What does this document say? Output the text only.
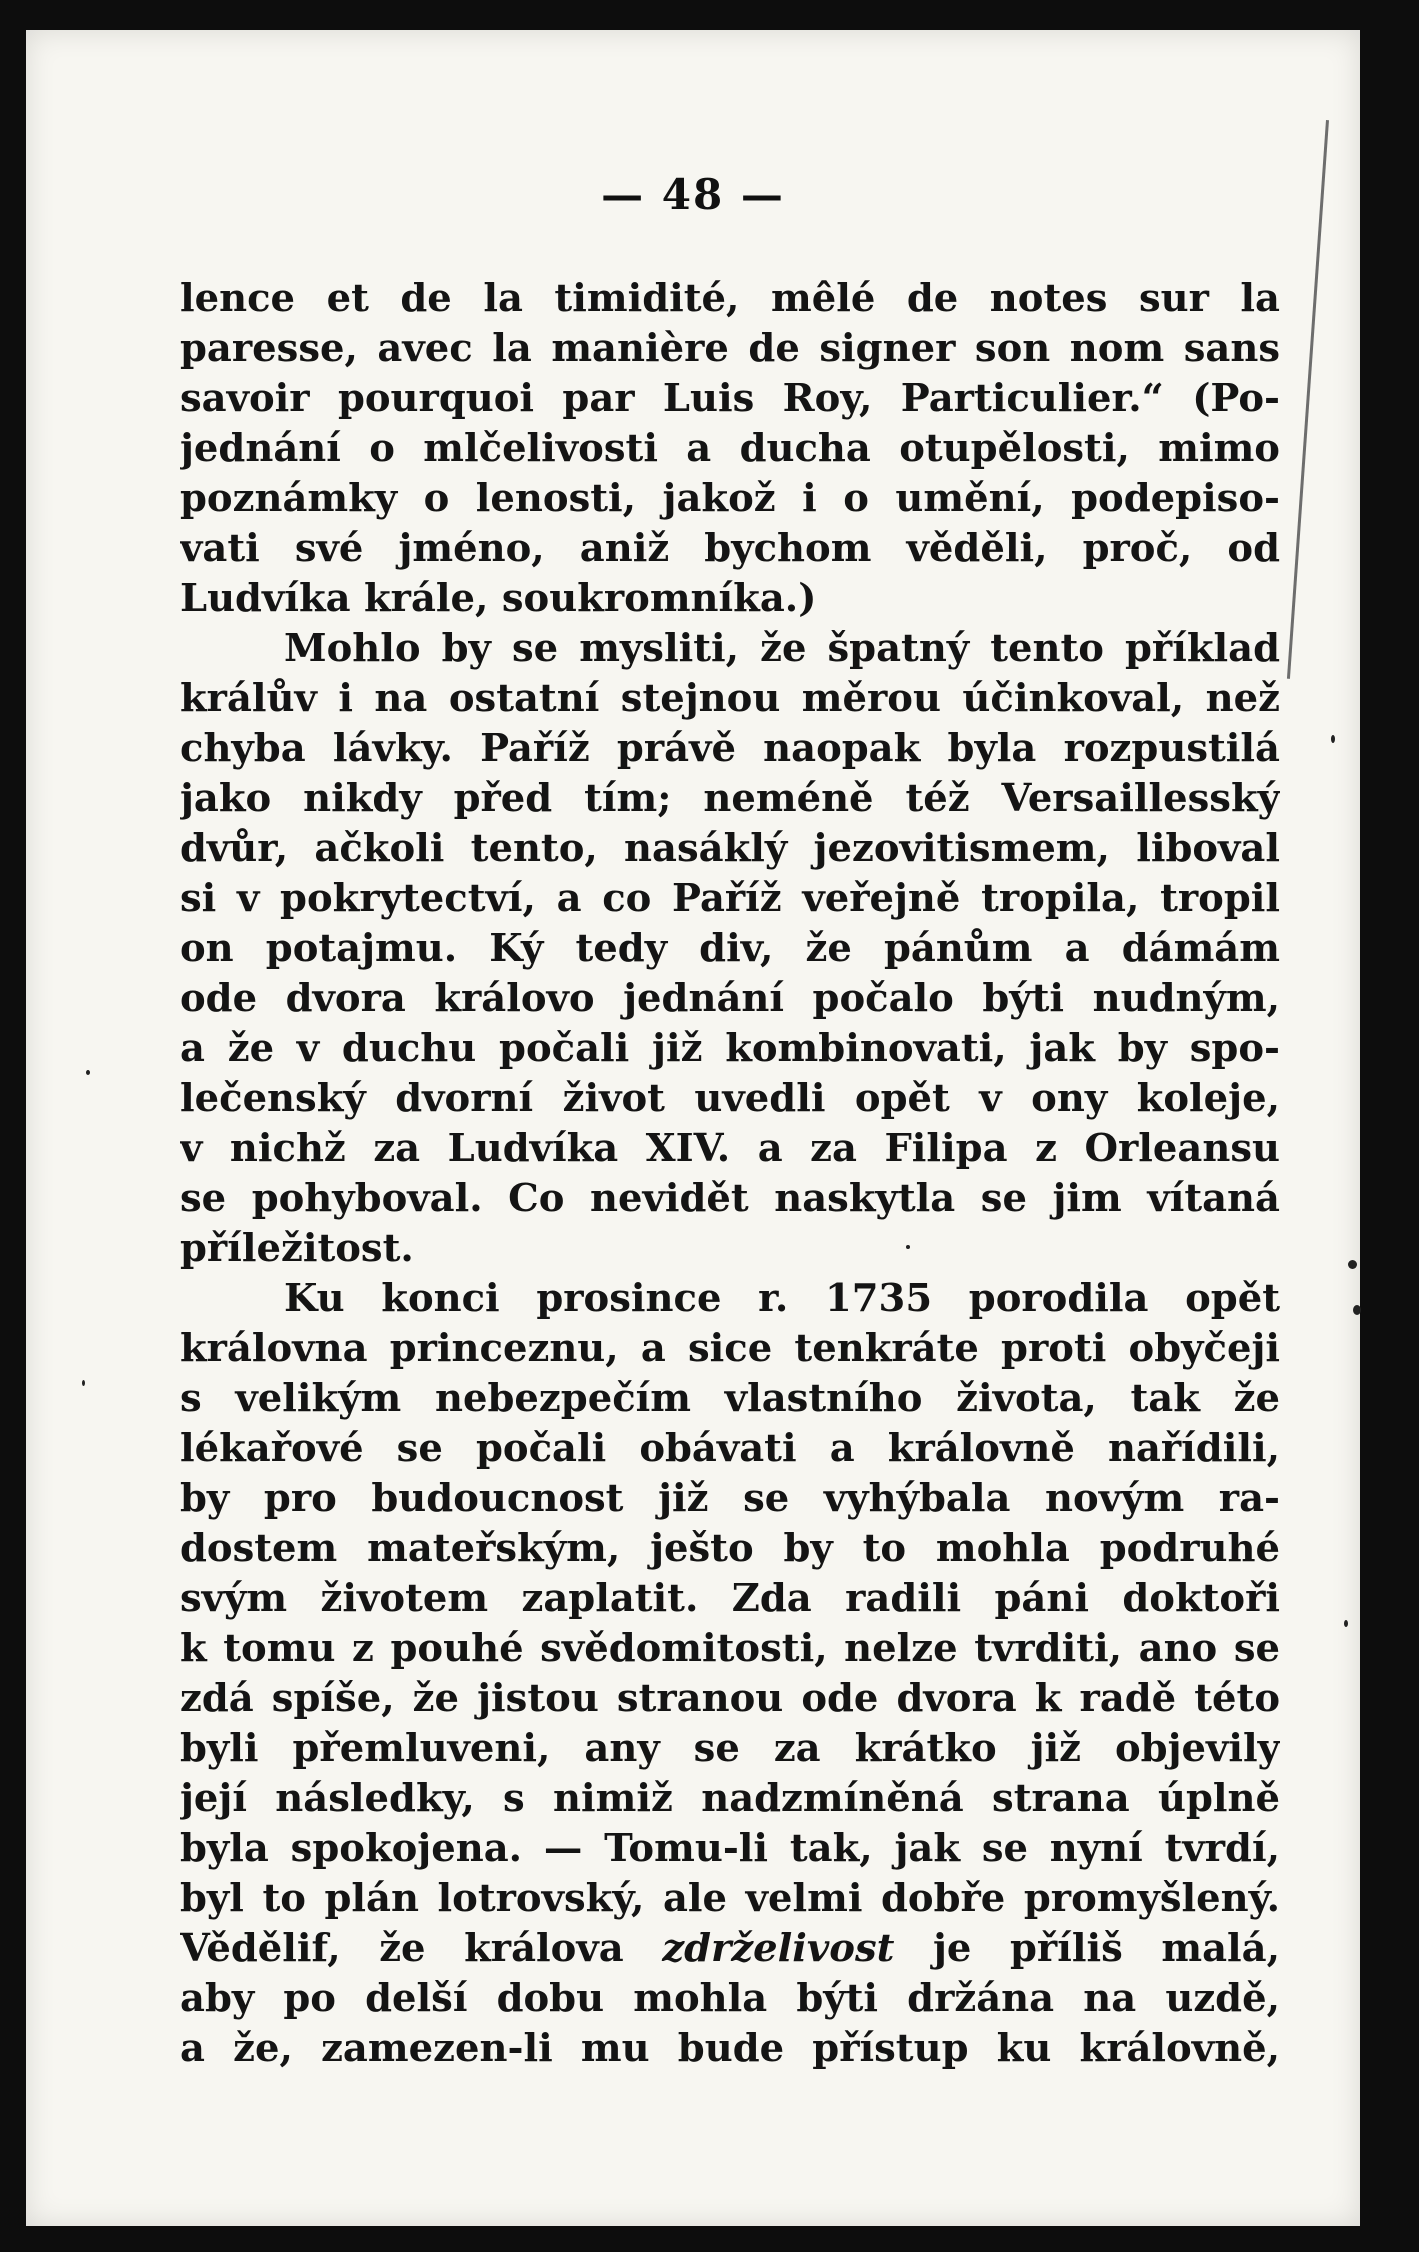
— 48 —
lence et de la timidité, mêlé de notes sur la
paresse, avec la manière de signer son nom sans
savoir pourquoi par Luis Roy, Particulier.“ (Po-
jednání o mlčelivosti a ducha otupělosti, mimo
poznámky o lenosti, jakož i o umění, podepiso-
vati své jméno, aniž bychom věděli, proč, od
Ludvíka krále, soukromníka.)
Mohlo by se mysliti, že špatný tento příklad
králův i na ostatní stejnou měrou účinkoval, než
chyba lávky. Paříž právě naopak byla rozpustilá
jako nikdy před tím; neméně též Versaillesský
dvůr, ačkoli tento, nasáklý jezovitismem, liboval
si v pokrytectví, a co Paříž veřejně tropila, tropil
on potajmu. Ký tedy div, že pánům a dámám
ode dvora královo jednání počalo býti nudným,
a že v duchu počali již kombinovati, jak by spo-
lečenský dvorní život uvedli opět v ony koleje,
v nichž za Ludvíka XIV. a za Filipa z Orleansu
se pohyboval. Co nevidět naskytla se jim vítaná
příležitost.
Ku konci prosince r. 1735 porodila opět
královna princeznu, a sice tenkráte proti obyčeji
s velikým nebezpečím vlastního života, tak že
lékařové se počali obávati a královně nařídili,
by pro budoucnost již se vyhýbala novým ra-
dostem mateřským, ješto by to mohla podruhé
svým životem zaplatit. Zda radili páni doktoři
k tomu z pouhé svědomitosti, nelze tvrditi, ano se
zdá spíše, že jistou stranou ode dvora k radě této
byli přemluveni, any se za krátko již objevily
její následky, s nimiž nadzmíněná strana úplně
byla spokojena. — Tomu-li tak, jak se nyní tvrdí,
byl to plán lotrovský, ale velmi dobře promyšlený.
Vědělif, že králova zdrželivost je příliš malá,
aby po delší dobu mohla býti držána na uzdě,
a že, zamezen-li mu bude přístup ku královně,
